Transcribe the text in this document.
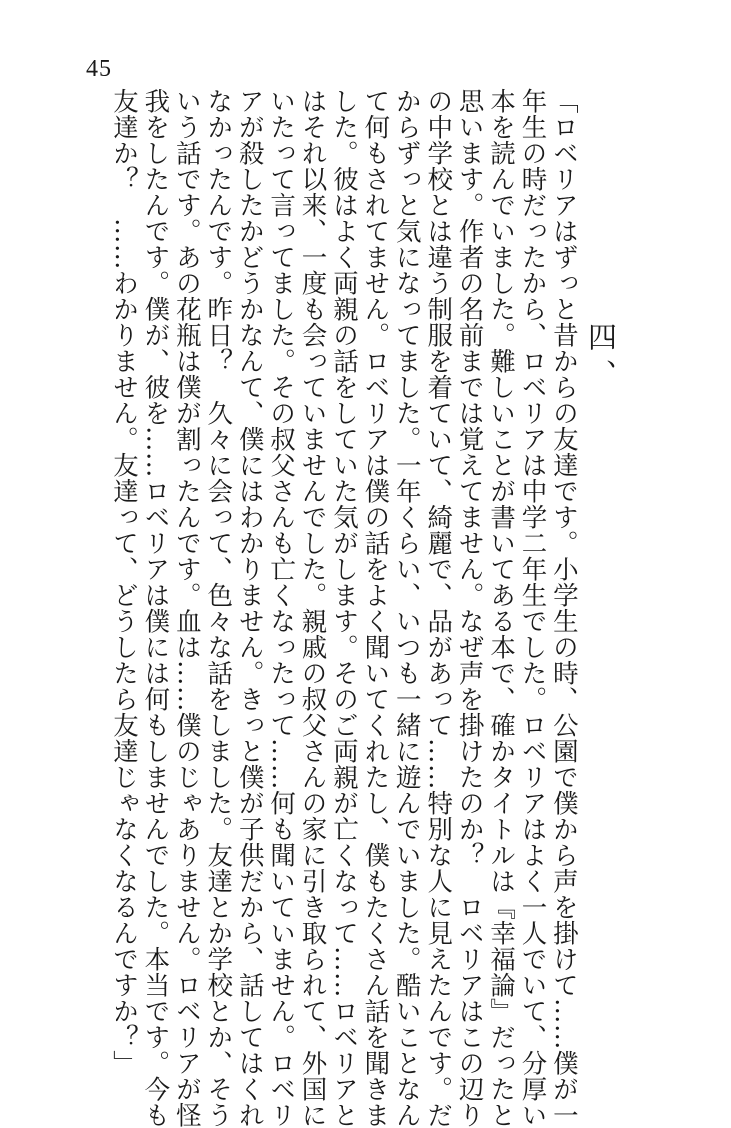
45
四、
「ロベリアはずっと昔からの友達です。小学生の時、公園で僕から声を掛けて……僕が一
年生の時だったから、ロベリアは中学二年生でした。ロベリアはよく一人でいて、分厚い
本を読んでいました。難しいことが書いてある本で、確かタイトルは『幸福論』だったと
思います。作者の名前までは覚えてません。なぜ声を掛けたのか？　ロベリアはこの辺り
の中学校とは違う制服を着ていて、綺麗で、品があって……特別な人に見えたんです。だ
からずっと気になってました。一年くらい、いつも一緒に遊んでいました。酷いことなん
て何もされてません。ロベリアは僕の話をよく聞いてくれたし、僕もたくさん話を聞きま
した。彼はよく両親の話をしていた気がします。そのご両親が亡くなって……ロベリアと
はそれ以来、一度も会っていませんでした。親戚の叔父さんの家に引き取られて、外国に
いたって言ってました。その叔父さんも亡くなったって……何も聞いていません。ロベリ
アが殺したかどうかなんて、僕にはわかりません。きっと僕が子供だから、話してはくれ
なかったんです。昨日？　久々に会って、色々な話をしました。友達とか学校とか、そう
いう話です。あの花瓶は僕が割ったんです。血は……僕のじゃありません。ロベリアが怪
我をしたんです。僕が、彼を……ロベリアは僕には何もしませんでした。本当です。今も
友達か？　……わかりません。友達って、どうしたら友達じゃなくなるんですか？」
